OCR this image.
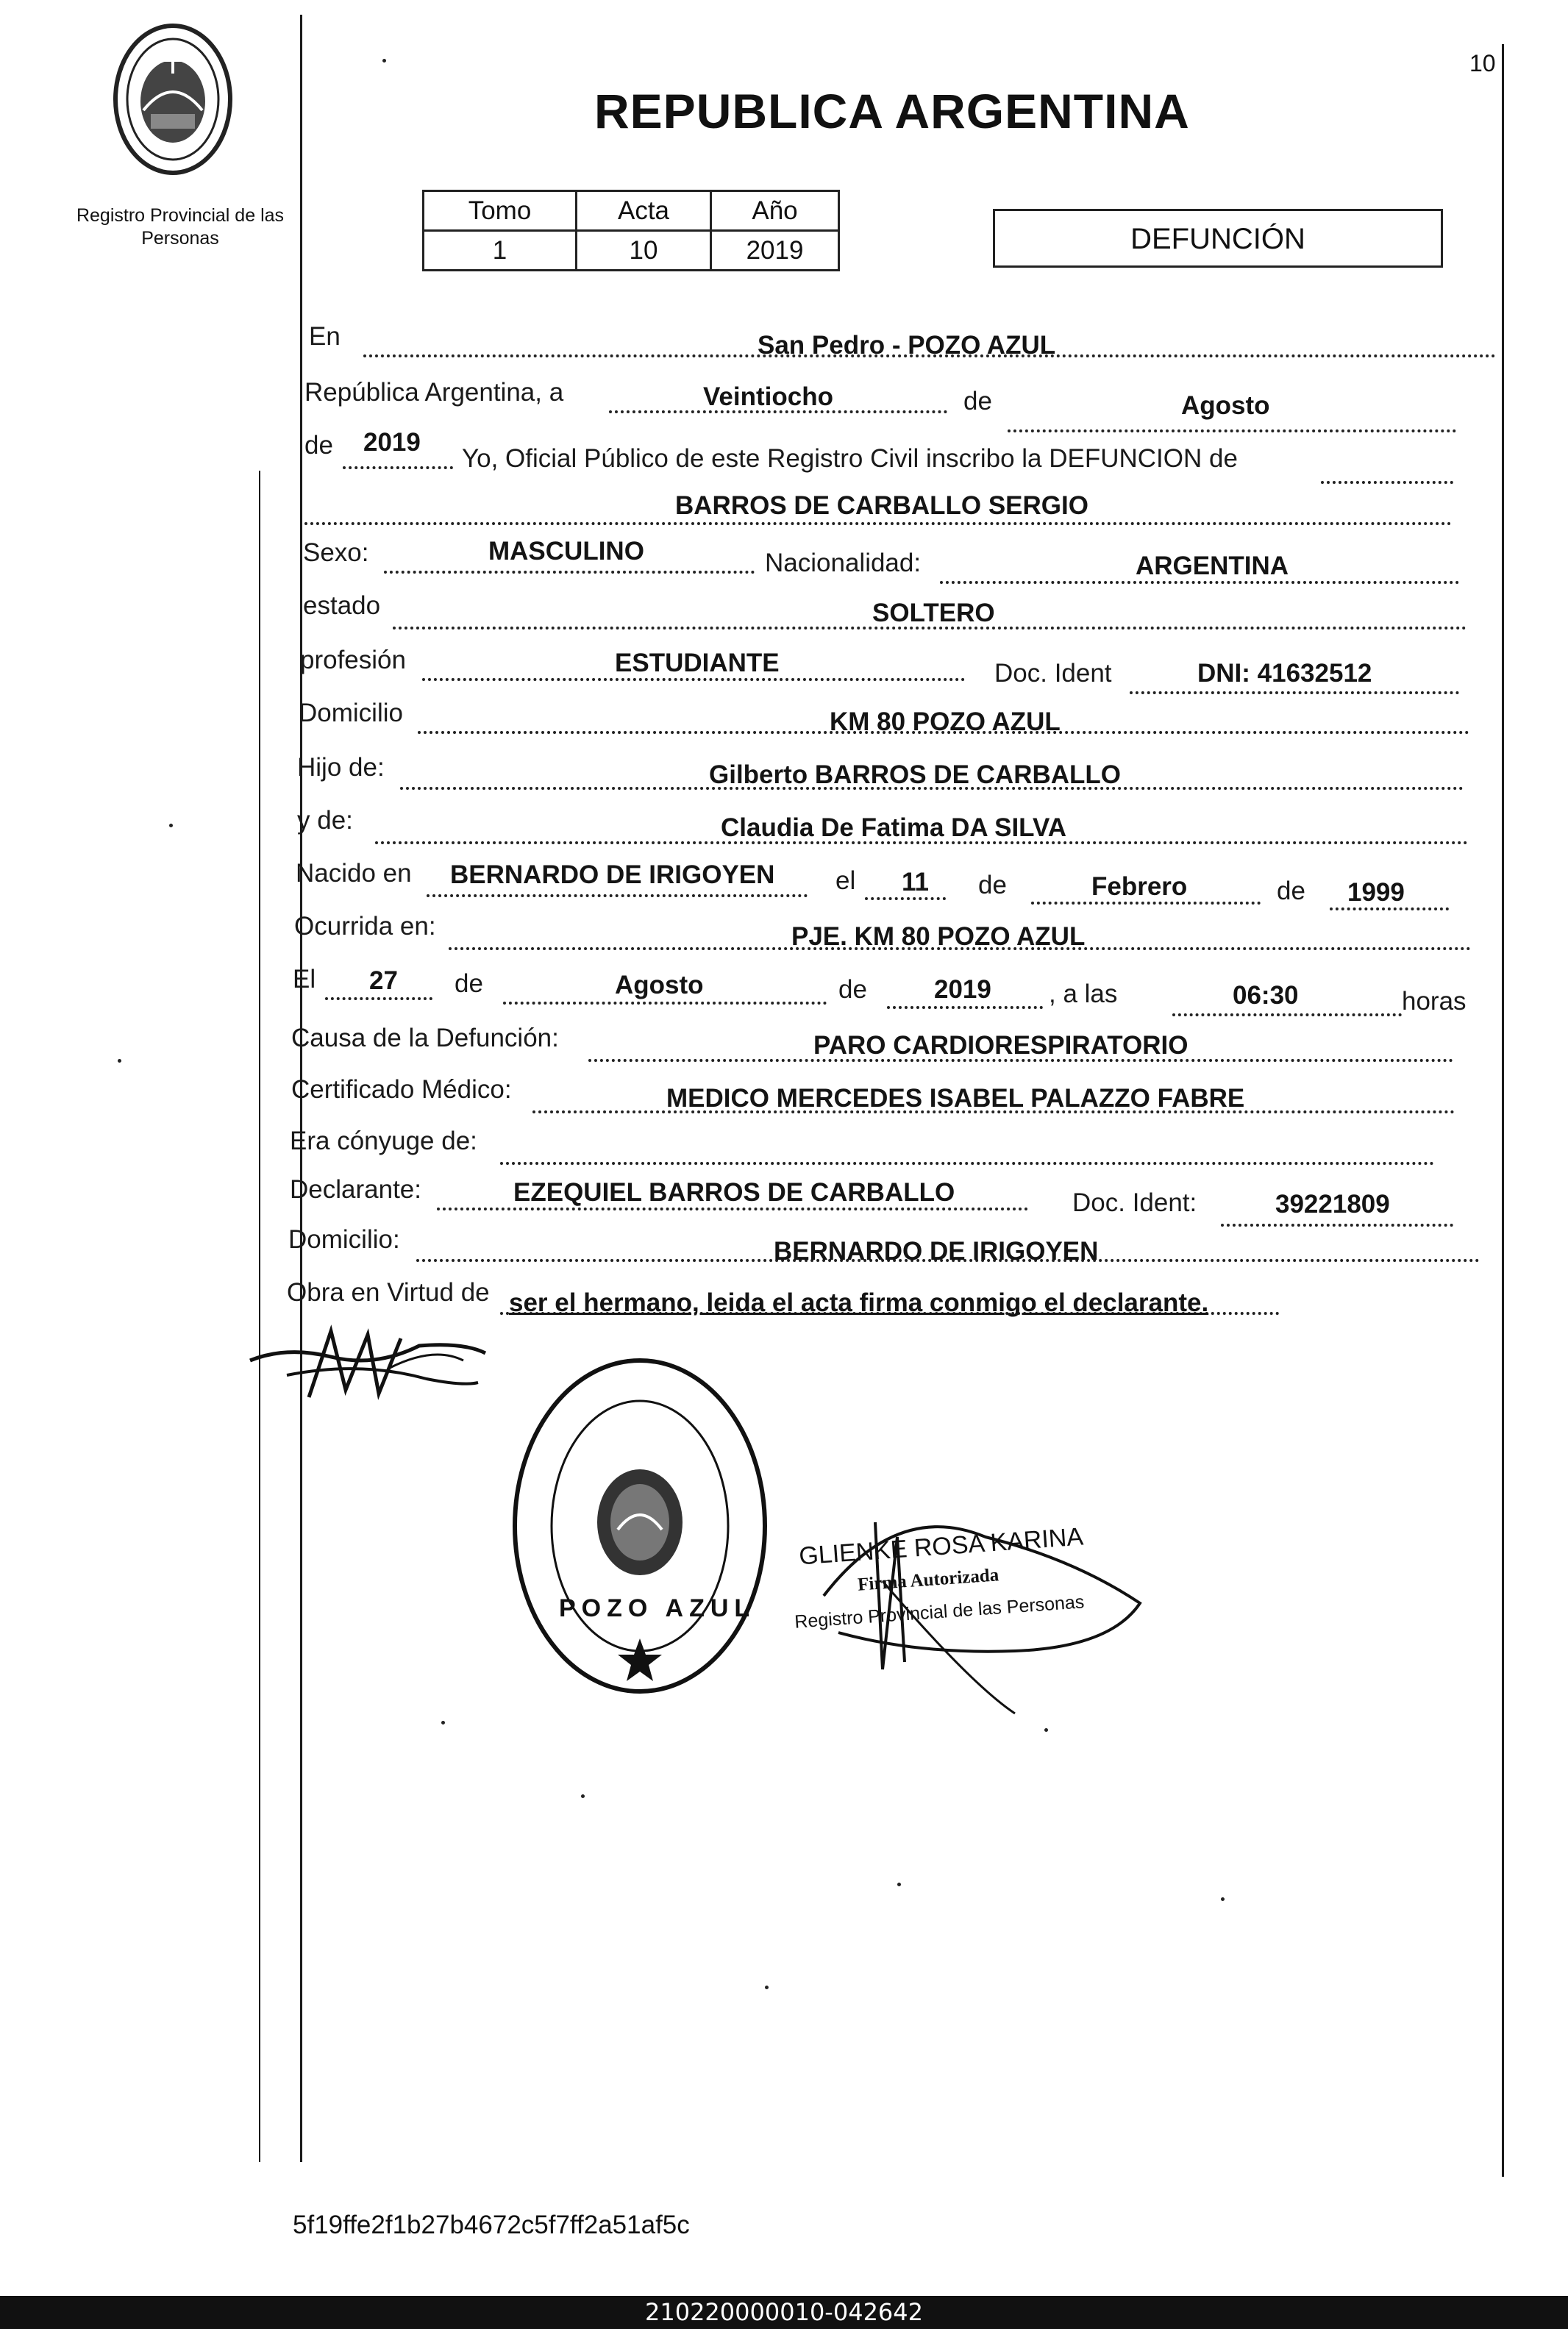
10
Registro Provincial de las Personas
REPUBLICA ARGENTINA
Tomo	Acta	Año
1	10	2019	DEFUNCIÓN
En	San Pedro - POZO AZUL
República Argentina, a	Veintiocho	de	Agosto
de 2019
Yo, Oficial Público de este Registro Civil inscribo la DEFUNCION de
BARROS DE CARBALLO SERGIO
Sexo:	MASCULINO	Nacionalidad:	ARGENTINA
estado	SOLTERO
profesión	ESTUDIANTE	Doc. Ident	DNI: 41632512
Domicilio	KM 80 POZO AZUL
Hijo de:	Gilberto BARROS DE CARBALLO
y de:	Claudia De Fatima DA SILVA
Nacido en BERNARDO DE IRIGOYEN el 11 de	Febrero	de 1999
Ocurrida en:	PJE. KM 80 POZO AZUL
El 27 de	Agosto	de	2019 , a las	06:30	horas
Causa de la Defunción:	PARO CARDIORESPIRATORIO
Certificado Médico:	MEDICO MERCEDES ISABEL PALAZZO FABRE
Era cónyuge de:
Declarante:	EZEQUIEL BARROS DE CARBALLO	Doc. Ident:	39221809
Domicilio:	BERNARDO DE IRIGOYEN
Obra en Virtud de ser el hermano, leida el acta firma conmigo el declarante.
POZO AZUL
GLIENKE ROSA KARINA
Firma Autorizada
Registro Provincial de las Personas
5f19ffe2f1b27b4672c5f7ff2a51af5c
210220000010-042642
